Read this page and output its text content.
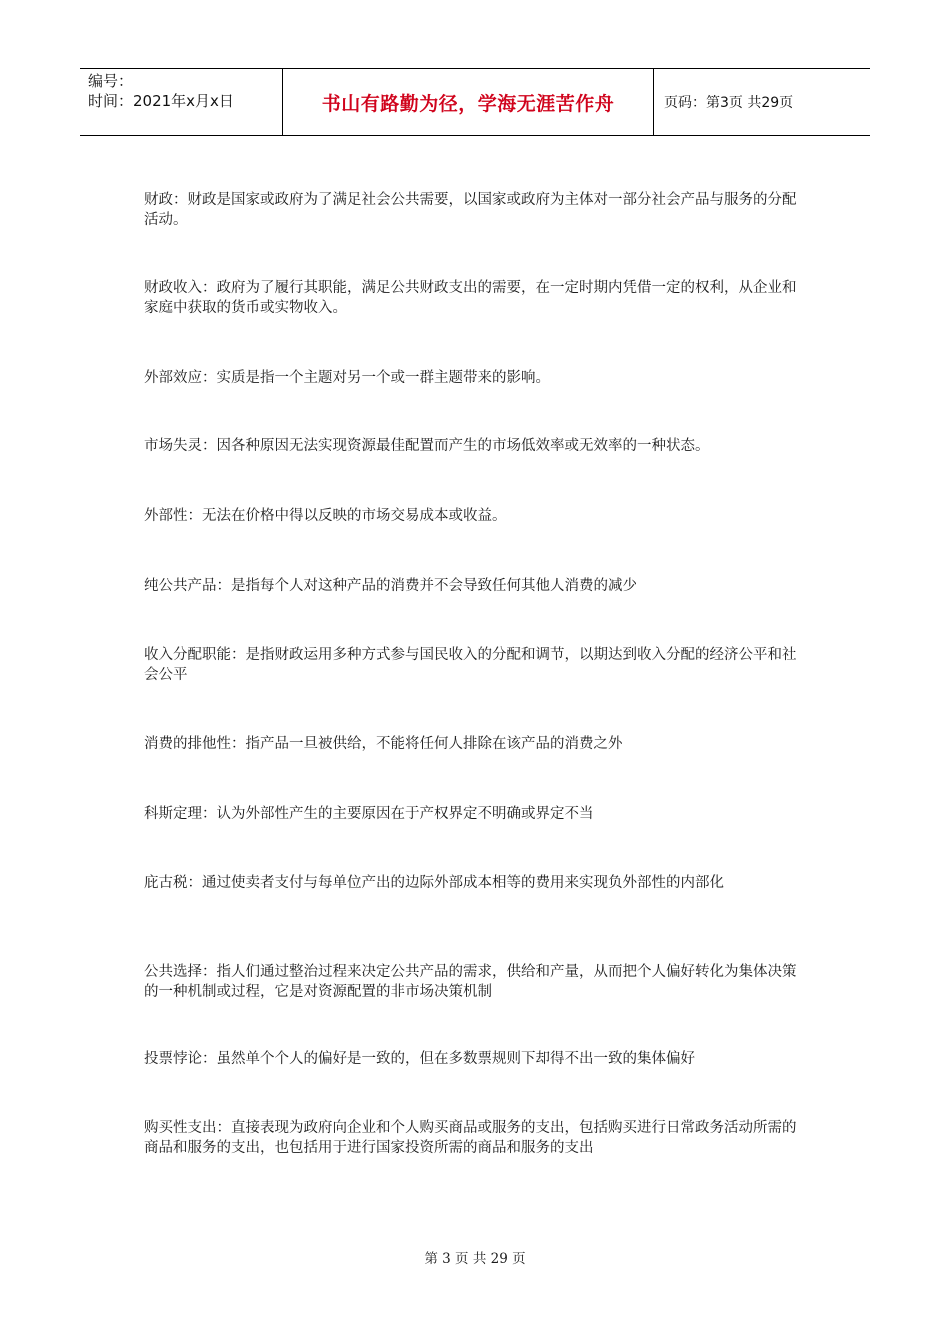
编号：
时间：2021年x月x日	书山有路勤为径，学海无涯苦作舟	页码：第3页 共29页

财政：财政是国家或政府为了满足社会公共需要，以国家或政府为主体对一部分社会产品与服务的分配活动。

财政收入：政府为了履行其职能，满足公共财政支出的需要，在一定时期内凭借一定的权利，从企业和家庭中获取的货币或实物收入。

外部效应：实质是指一个主题对另一个或一群主题带来的影响。

市场失灵：因各种原因无法实现资源最佳配置而产生的市场低效率或无效率的一种状态。

外部性：无法在价格中得以反映的市场交易成本或收益。

纯公共产品：是指每个人对这种产品的消费并不会导致任何其他人消费的减少

收入分配职能：是指财政运用多种方式参与国民收入的分配和调节，以期达到收入分配的经济公平和社会公平

消费的排他性：指产品一旦被供给，不能将任何人排除在该产品的消费之外

科斯定理：认为外部性产生的主要原因在于产权界定不明确或界定不当

庇古税：通过使卖者支付与每单位产出的边际外部成本相等的费用来实现负外部性的内部化

公共选择：指人们通过整治过程来决定公共产品的需求，供给和产量，从而把个人偏好转化为集体决策的一种机制或过程，它是对资源配置的非市场决策机制

投票悖论：虽然单个个人的偏好是一致的，但在多数票规则下却得不出一致的集体偏好

购买性支出：直接表现为政府向企业和个人购买商品或服务的支出，包括购买进行日常政务活动所需的商品和服务的支出，也包括用于进行国家投资所需的商品和服务的支出

第 3 页 共 29 页
